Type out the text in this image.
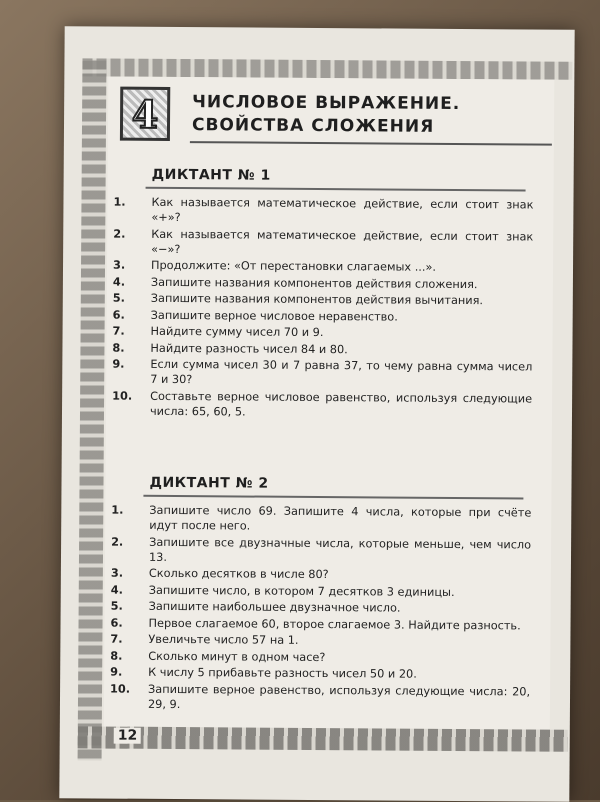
4 ЧИСЛОВОЕ ВЫРАЖЕНИЕ.
СВОЙСТВА СЛОЖЕНИЯ
ДИКТАНТ № 1
1.	Как называется математическое действие, если стоит знак «+»?
2.	Как называется математическое действие, если стоит знак «−»?
3.	Продолжите: «От перестановки слагаемых ...».
4.	Запишите названия компонентов действия сложения.
5.	Запишите названия компонентов действия вычитания.
6.	Запишите верное числовое неравенство.
7.	Найдите сумму чисел 70 и 9.
8.	Найдите разность чисел 84 и 80.
9.	Если сумма чисел 30 и 7 равна 37, то чему равна сумма чисел 7 и 30?
10.	Составьте верное числовое равенство, используя следующие числа: 65, 60, 5.
ДИКТАНТ № 2
1.	Запишите число 69. Запишите 4 числа, которые при счёте идут после него.
2.	Запишите все двузначные числа, которые меньше, чем число 13.
3.	Сколько десятков в числе 80?
4.	Запишите число, в котором 7 десятков 3 единицы.
5.	Запишите наибольшее двузначное число.
6.	Первое слагаемое 60, второе слагаемое 3. Найдите разность.
7.	Увеличьте число 57 на 1.
8.	Сколько минут в одном часе?
9.	К числу 5 прибавьте разность чисел 50 и 20.
10.	Запишите верное равенство, используя следующие числа: 20, 29, 9.
12
